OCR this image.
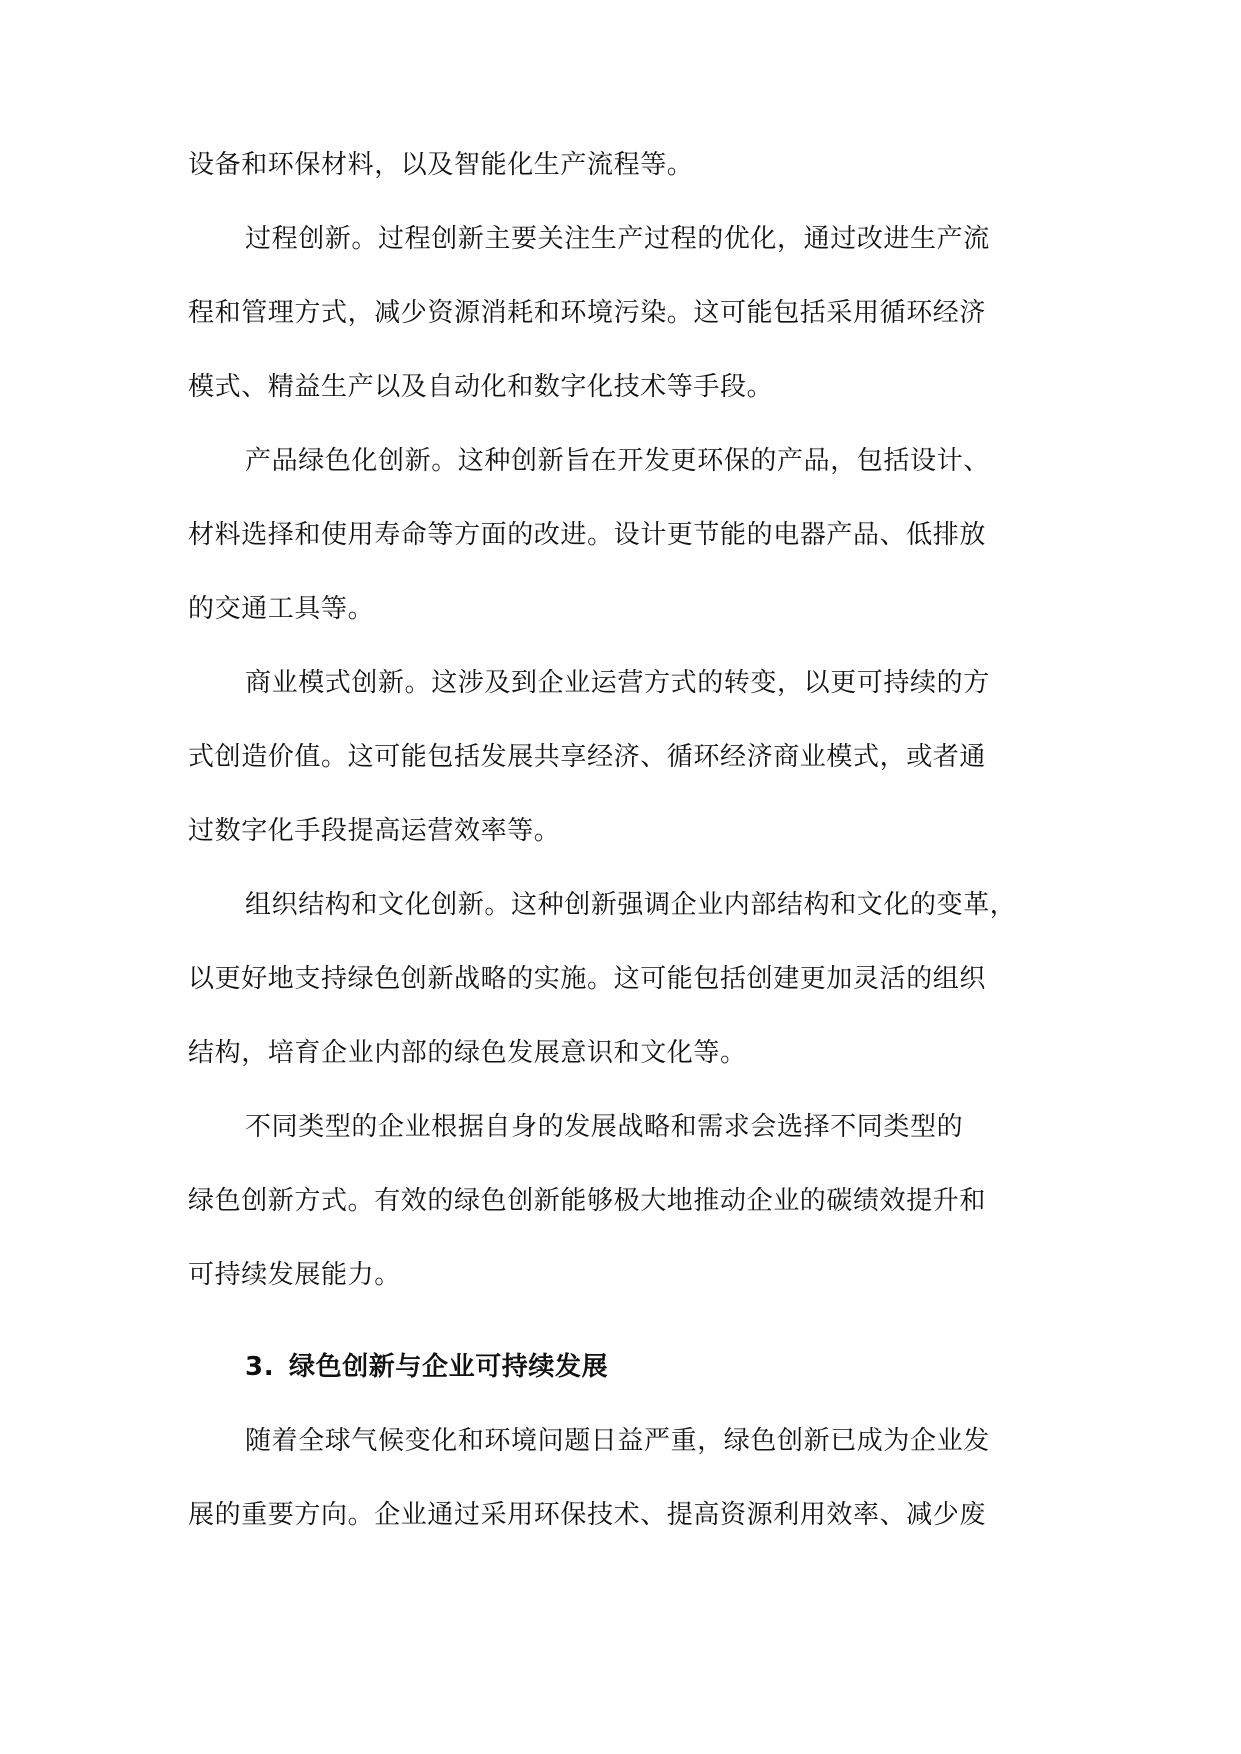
设备和环保材料，以及智能化生产流程等。
过程创新。过程创新主要关注生产过程的优化，通过改进生产流
程和管理方式，减少资源消耗和环境污染。这可能包括采用循环经济
模式、精益生产以及自动化和数字化技术等手段。
产品绿色化创新。这种创新旨在开发更环保的产品，包括设计、
材料选择和使用寿命等方面的改进。设计更节能的电器产品、低排放
的交通工具等。
商业模式创新。这涉及到企业运营方式的转变，以更可持续的方
式创造价值。这可能包括发展共享经济、循环经济商业模式，或者通
过数字化手段提高运营效率等。
组织结构和文化创新。这种创新强调企业内部结构和文化的变革，
以更好地支持绿色创新战略的实施。这可能包括创建更加灵活的组织
结构，培育企业内部的绿色发展意识和文化等。
不同类型的企业根据自身的发展战略和需求会选择不同类型的
绿色创新方式。有效的绿色创新能够极大地推动企业的碳绩效提升和
可持续发展能力。
3. 绿色创新与企业可持续发展
随着全球气候变化和环境问题日益严重，绿色创新已成为企业发
展的重要方向。企业通过采用环保技术、提高资源利用效率、减少废
